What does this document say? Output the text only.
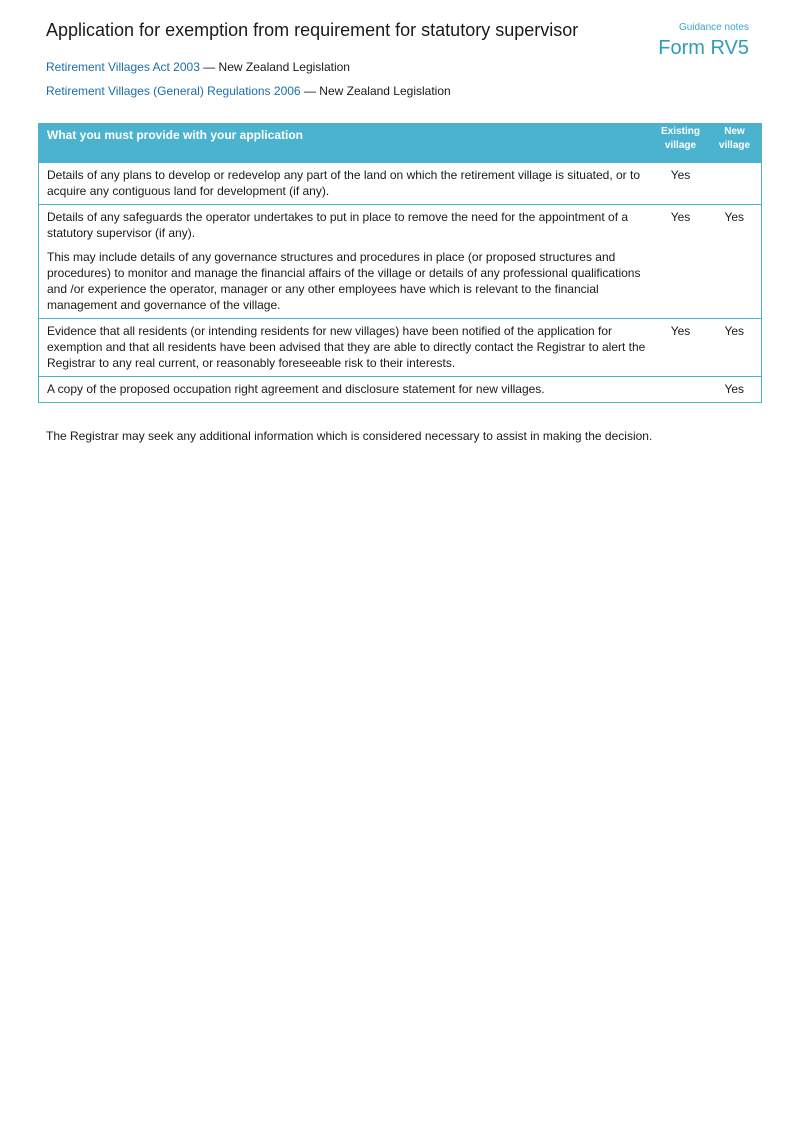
Application for exemption from requirement for statutory supervisor	Guidance notes
Form RV5
Retirement Villages Act 2003 — New Zealand Legislation
Retirement Villages (General) Regulations 2006 — New Zealand Legislation
What you must provide with your application	Existing village	New village

Details of any plans to develop or redevelop any part of the land on which the retirement village is situated, or to acquire any contiguous land for development (if any).	Yes	

Details of any safeguards the operator undertakes to put in place to remove the need for the appointment of a statutory supervisor (if any).

This may include details of any governance structures and procedures in place (or proposed structures and procedures) to monitor and manage the financial affairs of the village or details of any professional qualifications and /or experience the operator, manager or any other employees have which is relevant to the financial management and governance of the village.	Yes	Yes

Evidence that all residents (or intending residents for new villages) have been notified of the application for exemption and that all residents have been advised that they are able to directly contact the Registrar to alert the Registrar to any real current, or reasonably foreseeable risk to their interests.	Yes	Yes

A copy of the proposed occupation right agreement and disclosure statement for new villages.		Yes
The Registrar may seek any additional information which is considered necessary to assist in making the decision.
